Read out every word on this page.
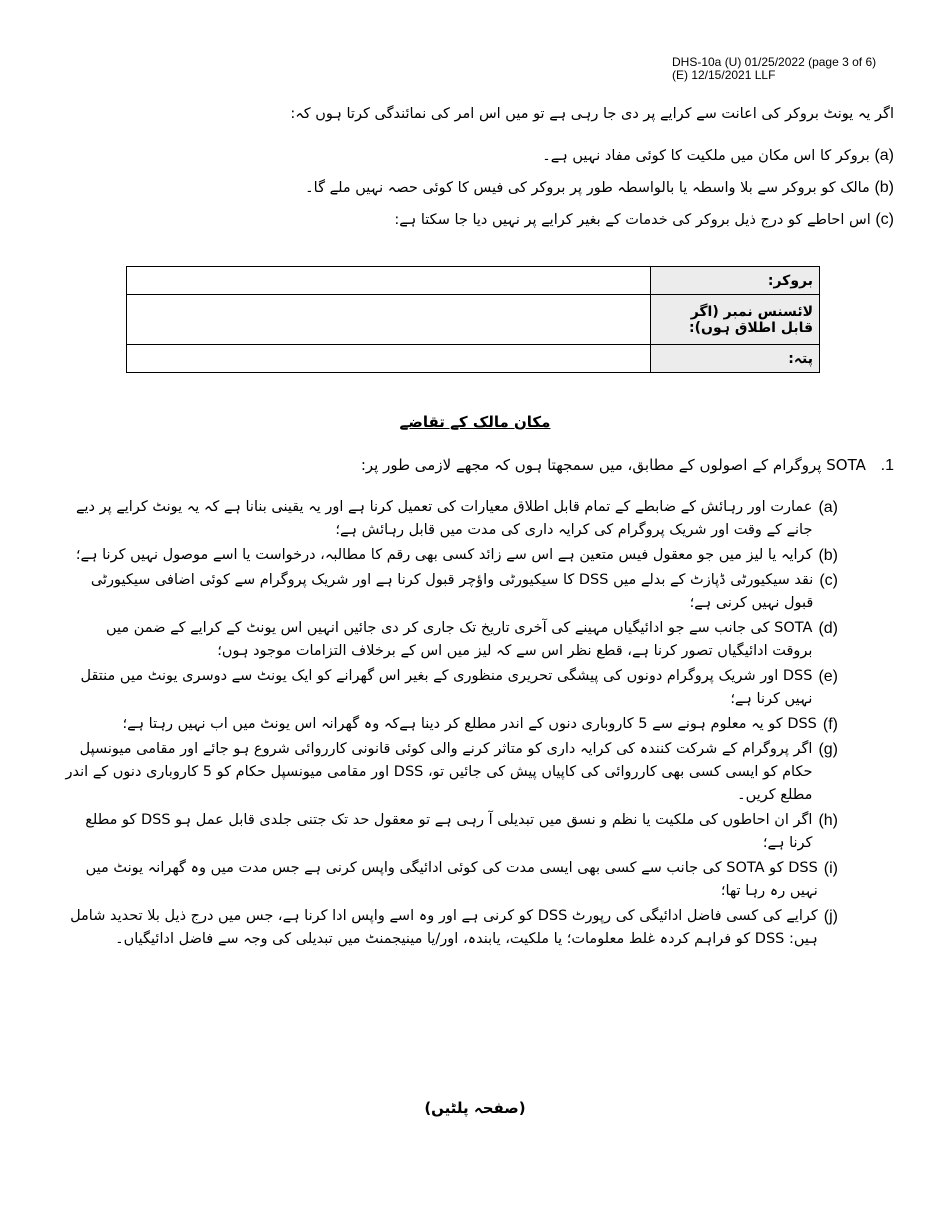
DHS-10a (U) 01/25/2022 (page 3 of 6)
(E) 12/15/2021 LLF
اگر یہ یونٹ بروکر کی اعانت سے کرایے پر دی جا رہی ہے تو میں اس امر کی نمائندگی کرتا ہوں کہ:
(a) بروکر کا اس مکان میں ملکیت کا کوئی مفاد نہیں ہے۔
(b) مالک کو بروکر سے بلا واسطہ یا بالواسطہ طور پر بروکر کی فیس کا کوئی حصہ نہیں ملے گا۔
(c) اس احاطے کو درج ذیل بروکر کی خدمات کے بغیر کرایے پر نہیں دیا جا سکتا ہے:
بروکر:	
لائسنس نمبر (اگر قابل اطلاق ہوں):	
پتہ:	
مکان مالک کے تقاضے
1. SOTA پروگرام کے اصولوں کے مطابق، میں سمجھتا ہوں کہ مجھے لازمی طور پر:
(a)
عمارت اور رہائش کے ضابطے کے تمام قابل اطلاق معیارات کی تعمیل کرنا ہے اور یہ یقینی بنانا ہے کہ یہ یونٹ کرایے پر دیے جانے کے وقت اور شریک پروگرام کی کرایہ داری کی مدت میں قابل رہائش ہے؛
(b)
کرایہ یا لیز میں جو معقول فیس متعین ہے اس سے زائد کسی بھی رقم کا مطالبہ، درخواست یا اسے موصول نہیں کرنا ہے؛
(c)
نقد سیکیورٹی ڈپازٹ کے بدلے میں DSS کا سیکیورٹی واؤچر قبول کرنا ہے اور شریک پروگرام سے کوئی اضافی سیکیورٹی قبول نہیں کرنی ہے؛
(d)
SOTA کی جانب سے جو ادائیگیاں مہینے کی آخری تاریخ تک جاری کر دی جائیں انہیں اس یونٹ کے کرایے کے ضمن میں بروقت ادائیگیاں تصور کرنا ہے، قطع نظر اس سے کہ لیز میں اس کے برخلاف التزامات موجود ہوں؛
(e)
DSS اور شریک پروگرام دونوں کی پیشگی تحریری منظوری کے بغیر اس گھرانے کو ایک یونٹ سے دوسری یونٹ میں منتقل نہیں کرنا ہے؛
(f)
DSS کو یہ معلوم ہونے سے 5 کاروباری دنوں کے اندر مطلع کر دینا ہےکہ وہ گھرانہ اس یونٹ میں اب نہیں رہتا ہے؛
(g)
اگر پروگرام کے شرکت کنندہ کی کرایہ داری کو متاثر کرنے والی کوئی قانونی کارروائی شروع ہو جائے اور مقامی میونسپل حکام کو ایسی کسی بھی کارروائی کی کاپیاں پیش کی جائیں تو، DSS اور مقامی میونسپل حکام کو 5 کاروباری دنوں کے اندر مطلع کریں۔
(h)
اگر ان احاطوں کی ملکیت یا نظم و نسق میں تبدیلی آ رہی ہے تو معقول حد تک جتنی جلدی قابل عمل ہو DSS کو مطلع کرنا ہے؛
(i)
DSS کو SOTA کی جانب سے کسی بھی ایسی مدت کی کوئی ادائیگی واپس کرنی ہے جس مدت میں وہ گھرانہ یونٹ میں نہیں رہ رہا تھا؛
(j)
کرایے کی کسی فاضل ادائیگی کی رپورٹ DSS کو کرنی ہے اور وہ اسے واپس ادا کرنا ہے، جس میں درج ذیل بلا تحدید شامل ہیں: DSS کو فراہم کردہ غلط معلومات؛ یا ملکیت، یابندہ، اور/یا مینیجمنٹ میں تبدیلی کی وجہ سے فاضل ادائیگیاں۔
(صفحہ پلٹیں)
